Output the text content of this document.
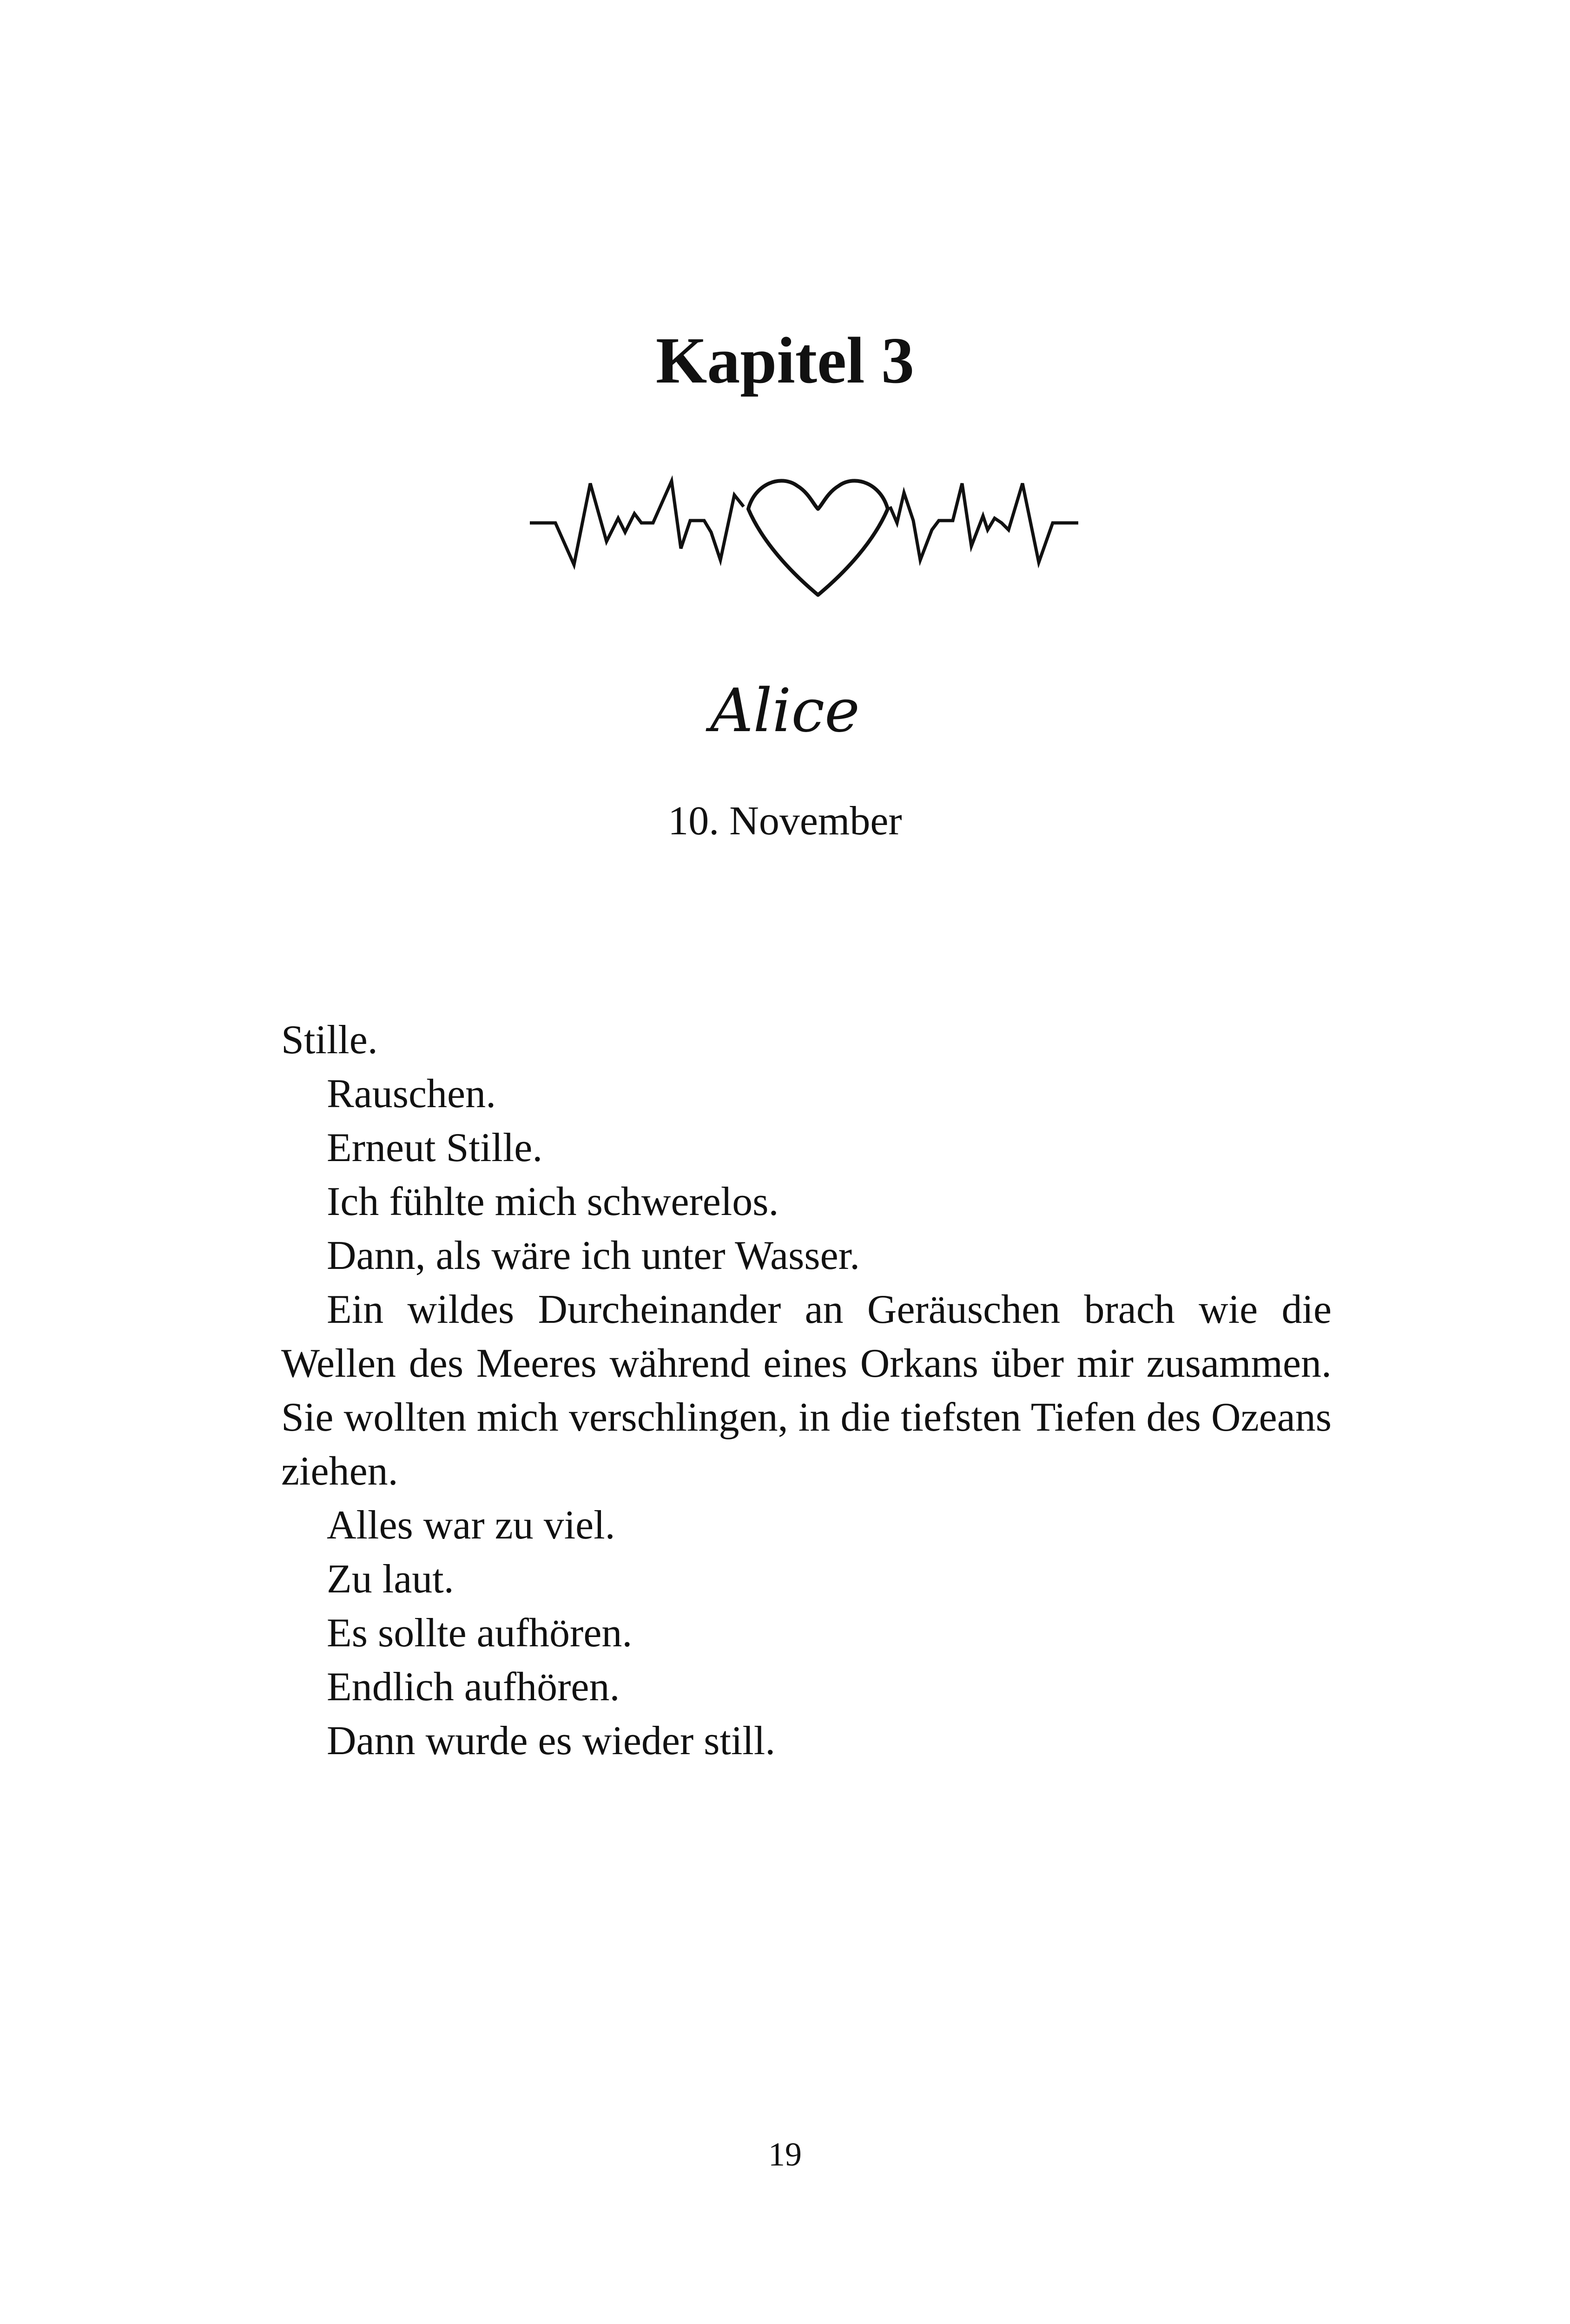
Kapitel 3
Alice
10. November

Stille.

Rauschen.

Erneut Stille.

Ich fühlte mich schwerelos.

Dann, als wäre ich unter Wasser.

Ein wildes Durcheinander an Geräuschen brach wie die Wellen des Meeres während eines Orkans über mir zusammen. Sie wollten mich verschlingen, in die tiefsten Tiefen des Ozeans ziehen.

Alles war zu viel.

Zu laut.

Es sollte aufhören.

Endlich aufhören.

Dann wurde es wieder still.

19
